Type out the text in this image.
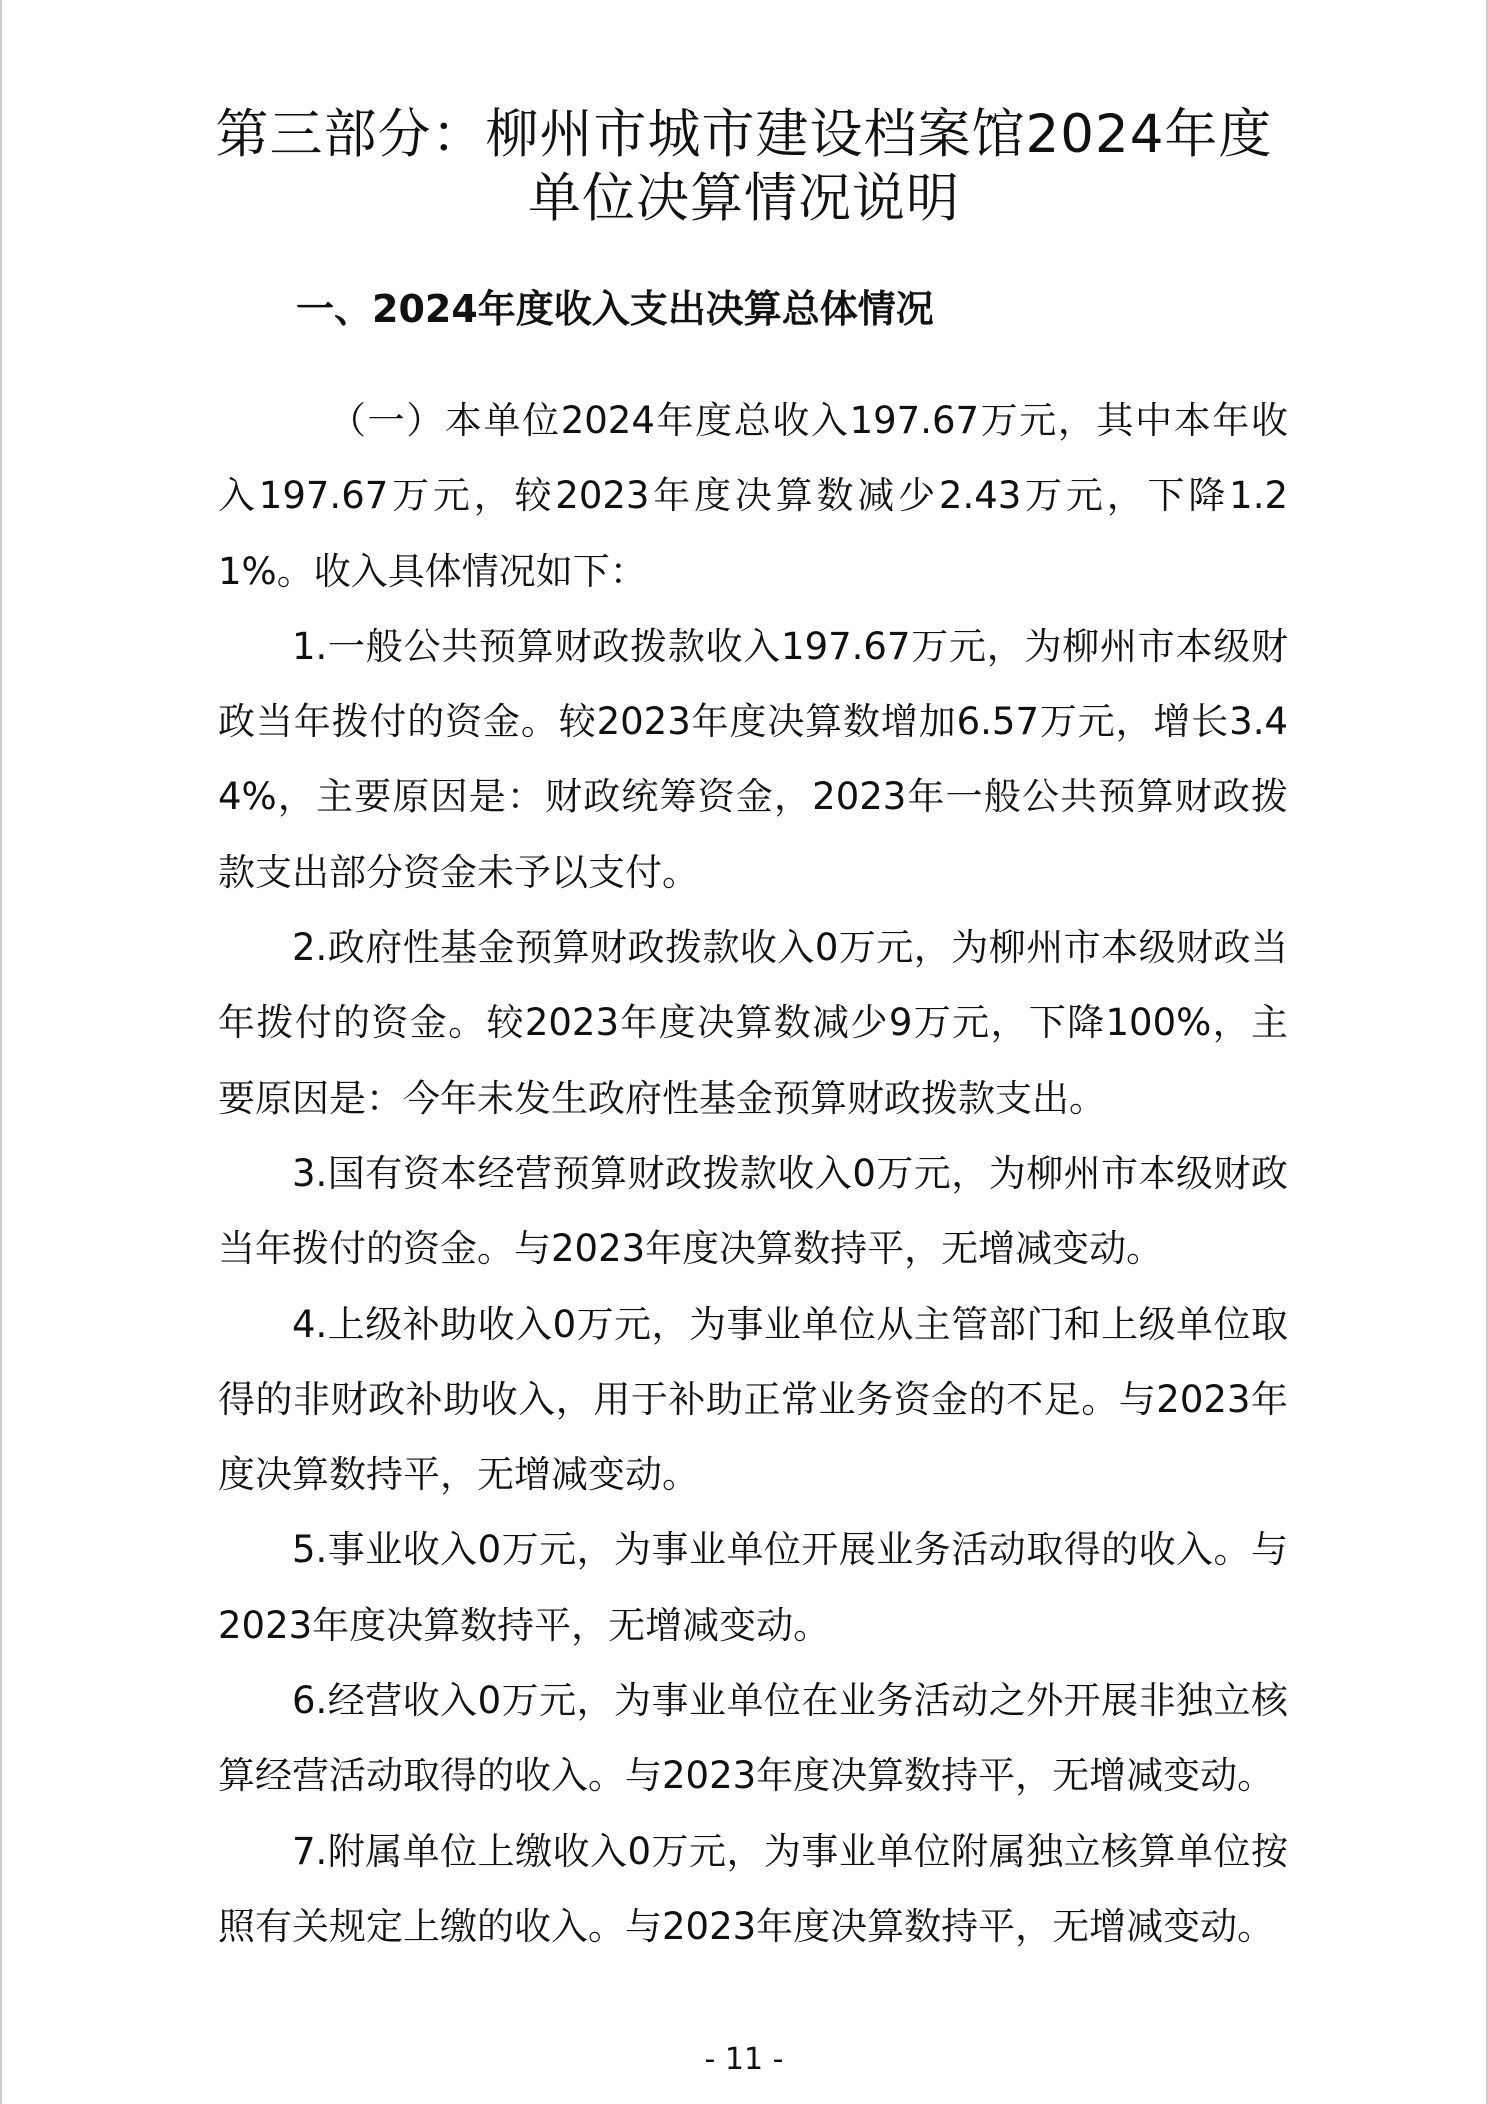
第三部分：柳州市城市建设档案馆2024年度
单位决算情况说明
一、2024年度收入支出决算总体情况

（一）本单位2024年度总收入197.67万元，其中本年收入197.67万元，较2023年度决算数减少2.43万元，下降1.21%。收入具体情况如下：

1.一般公共预算财政拨款收入197.67万元，为柳州市本级财政当年拨付的资金。较2023年度决算数增加6.57万元，增长3.44%，主要原因是：财政统筹资金，2023年一般公共预算财政拨款支出部分资金未予以支付。

2.政府性基金预算财政拨款收入0万元，为柳州市本级财政当年拨付的资金。较2023年度决算数减少9万元，下降100%，主要原因是：今年未发生政府性基金预算财政拨款支出。

3.国有资本经营预算财政拨款收入0万元，为柳州市本级财政当年拨付的资金。与2023年度决算数持平，无增减变动。

4.上级补助收入0万元，为事业单位从主管部门和上级单位取得的非财政补助收入，用于补助正常业务资金的不足。与2023年度决算数持平，无增减变动。

5.事业收入0万元，为事业单位开展业务活动取得的收入。与2023年度决算数持平，无增减变动。

6.经营收入0万元，为事业单位在业务活动之外开展非独立核算经营活动取得的收入。与2023年度决算数持平，无增减变动。

7.附属单位上缴收入0万元，为事业单位附属独立核算单位按照有关规定上缴的收入。与2023年度决算数持平，无增减变动。

- 11 -
